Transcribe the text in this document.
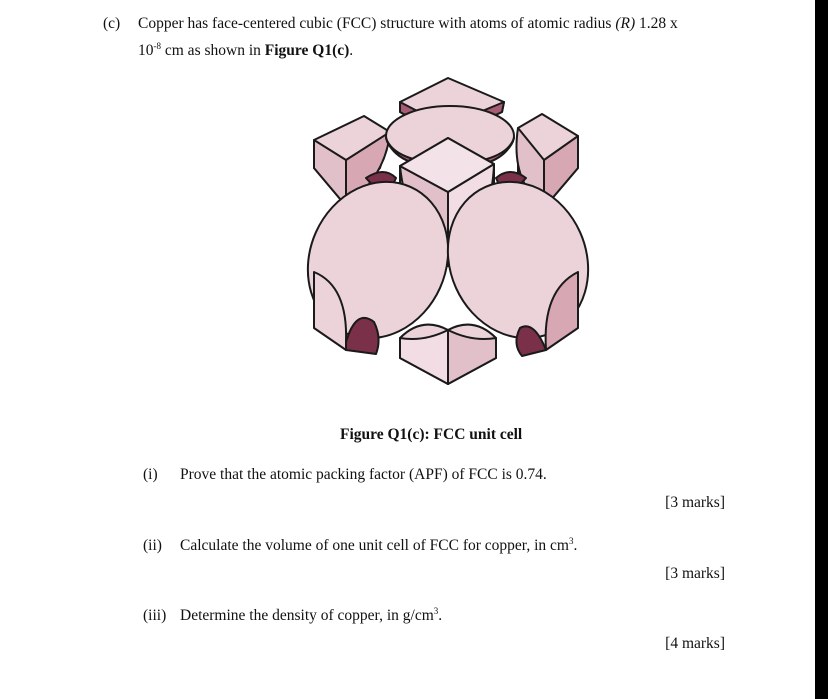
(c) Copper has face-centered cubic (FCC) structure with atoms of atomic radius (R) 1.28 x
$10^{-8}$ cm as shown in Figure Q1(c).
Figure Q1(c): FCC unit cell
(i) Prove that the atomic packing factor (APF) of FCC is 0.74.
[3 marks]
(ii) Calculate the volume of one unit cell of FCC for copper, in $cm^3$.
[3 marks]
(iii) Determine the density of copper, in $g/cm^3$.
[4 marks]
